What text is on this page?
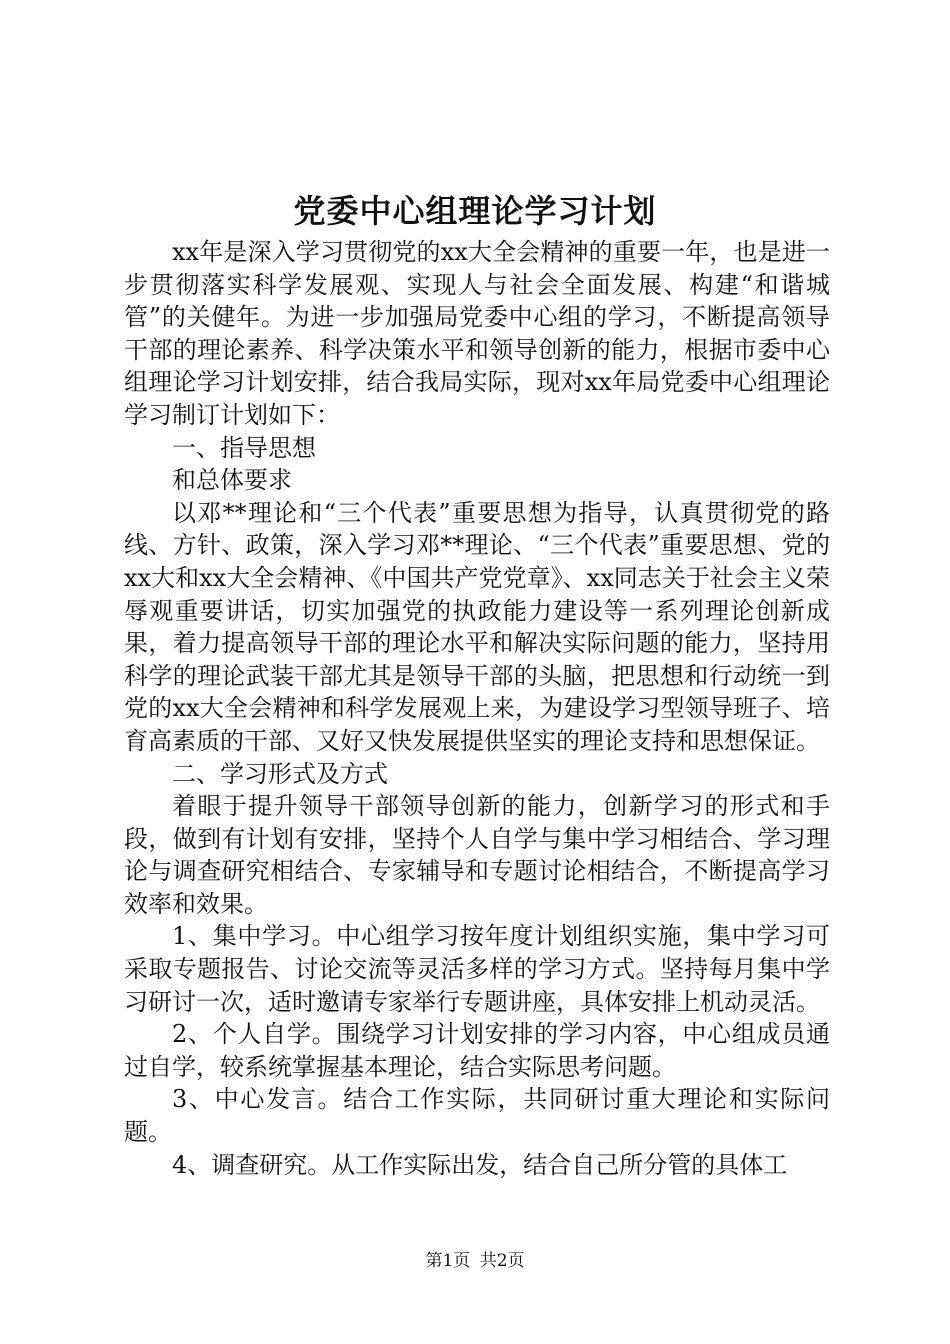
党委中心组理论学习计划

xx年是深入学习贯彻党的xx大全会精神的重要一年，也是进一步贯彻落实科学发展观、实现人与社会全面发展、构建“和谐城管”的关健年。为进一步加强局党委中心组的学习，不断提高领导干部的理论素养、科学决策水平和领导创新的能力，根据市委中心组理论学习计划安排，结合我局实际，现对xx年局党委中心组理论学习制订计划如下：

一、指导思想

和总体要求

以邓**理论和“三个代表”重要思想为指导，认真贯彻党的路线、方针、政策，深入学习邓**理论、“三个代表”重要思想、党的xx大和xx大全会精神、《中国共产党党章》、xx同志关于社会主义荣辱观重要讲话，切实加强党的执政能力建设等一系列理论创新成果，着力提高领导干部的理论水平和解决实际问题的能力，坚持用科学的理论武装干部尤其是领导干部的头脑，把思想和行动统一到党的xx大全会精神和科学发展观上来，为建设学习型领导班子、培育高素质的干部、又好又快发展提供坚实的理论支持和思想保证。

二、学习形式及方式

着眼于提升领导干部领导创新的能力，创新学习的形式和手段，做到有计划有安排，坚持个人自学与集中学习相结合、学习理论与调查研究相结合、专家辅导和专题讨论相结合，不断提高学习效率和效果。

1、集中学习。中心组学习按年度计划组织实施，集中学习可采取专题报告、讨论交流等灵活多样的学习方式。坚持每月集中学习研讨一次，适时邀请专家举行专题讲座，具体安排上机动灵活。

2、个人自学。围绕学习计划安排的学习内容，中心组成员通过自学，较系统掌握基本理论，结合实际思考问题。

3、中心发言。结合工作实际，共同研讨重大理论和实际问题。

4、调查研究。从工作实际出发，结合自己所分管的具体工

第1页 共2页
